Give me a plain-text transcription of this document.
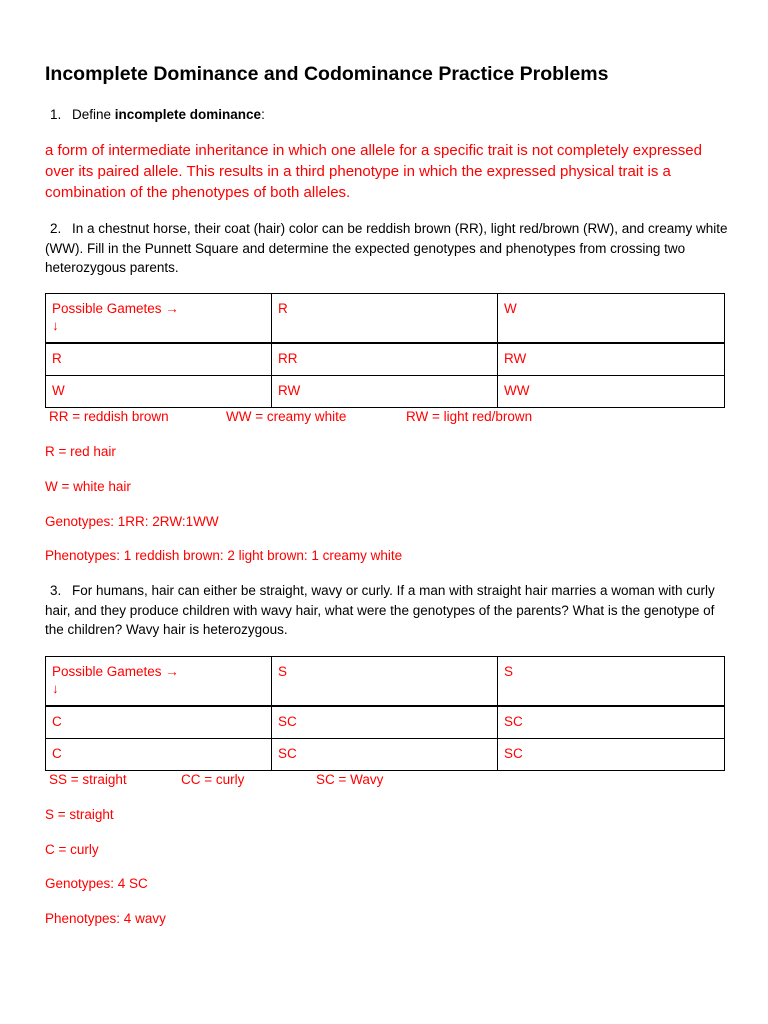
Incomplete Dominance and Codominance Practice Problems
1. Define incomplete dominance:
a form of intermediate inheritance in which one allele for a specific trait is not completely expressed over its paired allele. This results in a third phenotype in which the expressed physical trait is a combination of the phenotypes of both alleles.
2. In a chestnut horse, their coat (hair) color can be reddish brown (RR), light red/brown (RW), and creamy white (WW). Fill in the Punnett Square and determine the expected genotypes and phenotypes from crossing two heterozygous parents.
Possible Gametes →
↓	R	W
R	RR	RW
W	RW	WW
RR = reddish brown	WW = creamy white	RW = light red/brown
R = red hair
W = white hair
Genotypes: 1RR: 2RW:1WW
Phenotypes: 1 reddish brown: 2 light brown: 1 creamy white
3. For humans, hair can either be straight, wavy or curly. If a man with straight hair marries a woman with curly hair, and they produce children with wavy hair, what were the genotypes of the parents? What is the genotype of the children? Wavy hair is heterozygous.
Possible Gametes →
↓	S	S
C	SC	SC
C	SC	SC
SS = straight	CC = curly	SC = Wavy
S = straight
C = curly
Genotypes: 4 SC
Phenotypes: 4 wavy
